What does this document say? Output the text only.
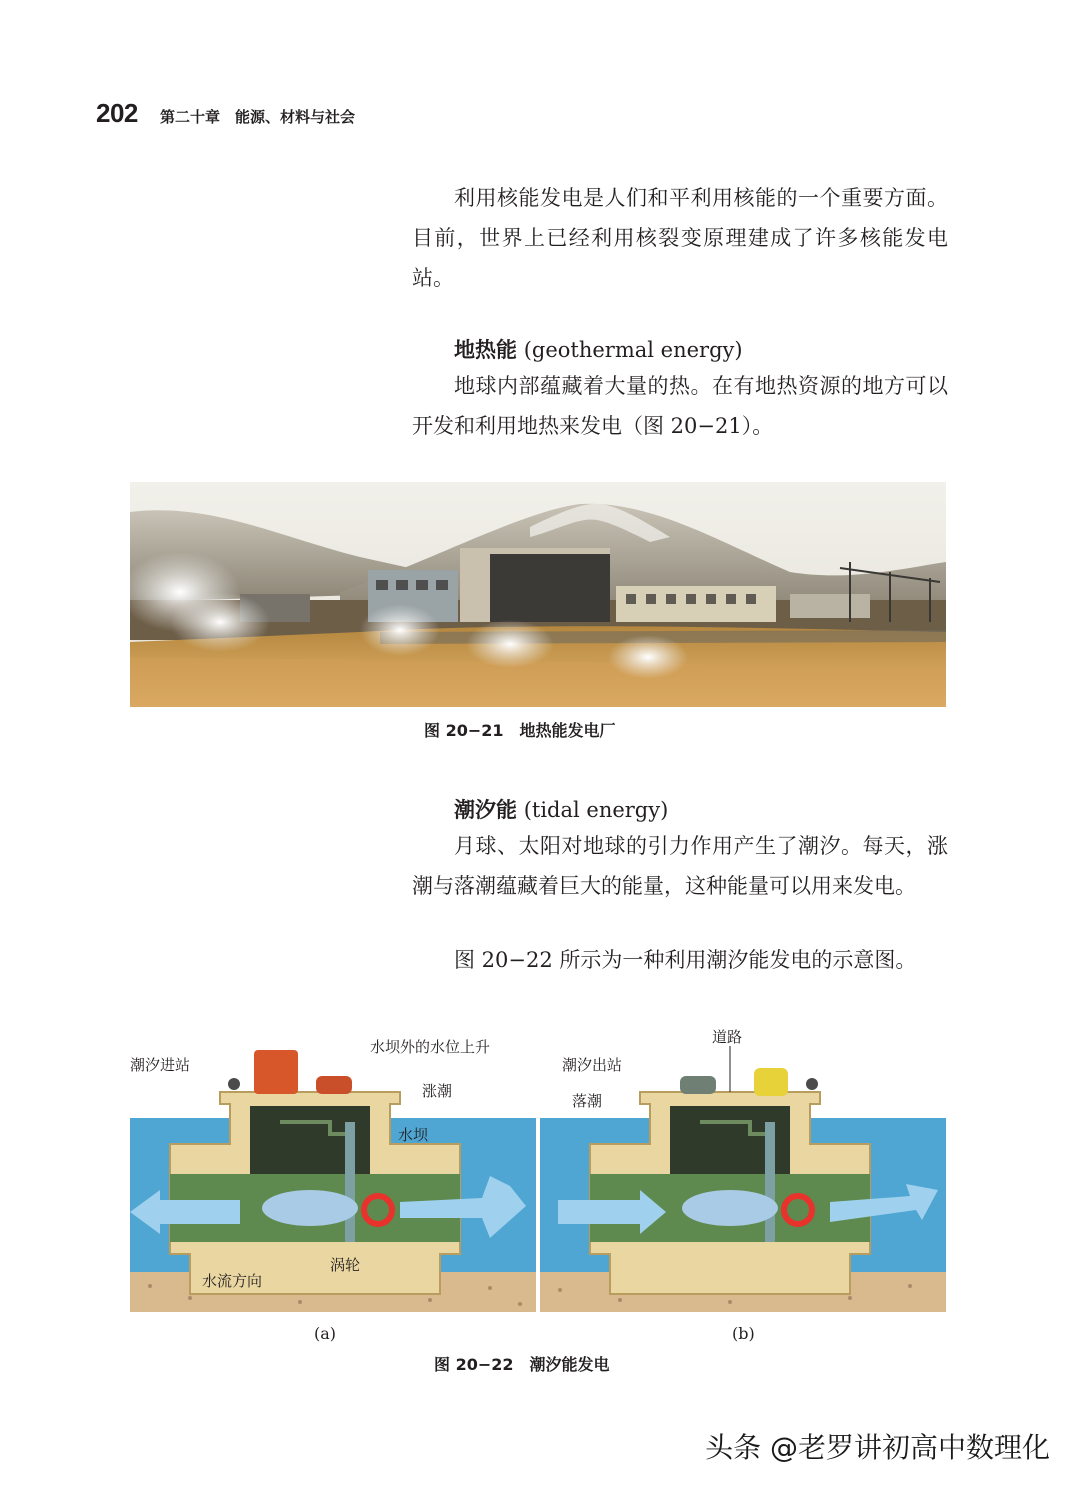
202 第二十章　能源、材料与社会

利用核能发电是人们和平利用核能的一个重要方面。目前，世界上已经利用核裂变原理建成了许多核能发电站。

地热能 (geothermal energy)

地球内部蕴藏着大量的热。在有地热资源的地方可以开发和利用地热来发电（图 20−21）。

图 20−21　地热能发电厂
潮汐能 (tidal energy)

月球、太阳对地球的引力作用产生了潮汐。每天，涨潮与落潮蕴藏着巨大的能量，这种能量可以用来发电。

图 20−22 所示为一种利用潮汐能发电的示意图。

潮汐进站
水坝外的水位上升
涨潮
水坝
水流方向
涡轮
道路
潮汐出站
落潮
(a)	(b)
图 20−22　潮汐能发电
头条 @老罗讲初高中数理化
